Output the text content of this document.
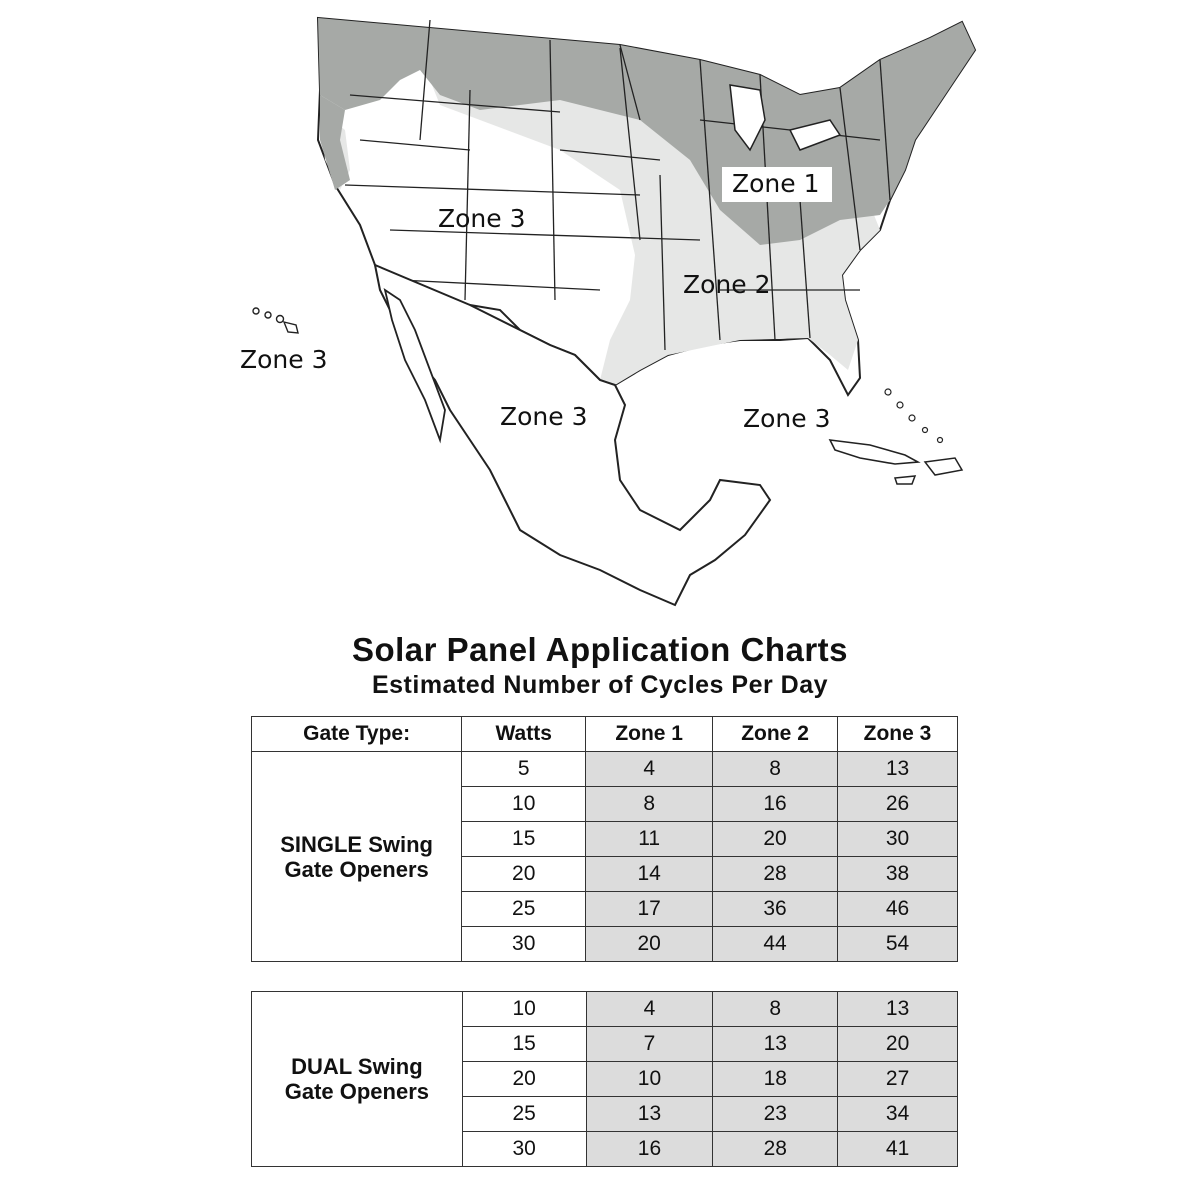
Zone 1
Zone 2
Zone 3
Zone 3
Zone 3	Zone 3
Solar Panel Application Charts
Estimated Number of Cycles Per Day
Gate Type:	Watts	Zone 1	Zone 2	Zone 3

SINGLE Swing
Gate Openers	5	4	8	13
	10	8	16	26
	15	11	20	30
	20	14	28	38
	25	17	36	46
	30	20	44	54
DUAL Swing
Gate Openers	10	4	8	13
	15	7	13	20
	20	10	18	27
	25	13	23	34
	30	16	28	41
